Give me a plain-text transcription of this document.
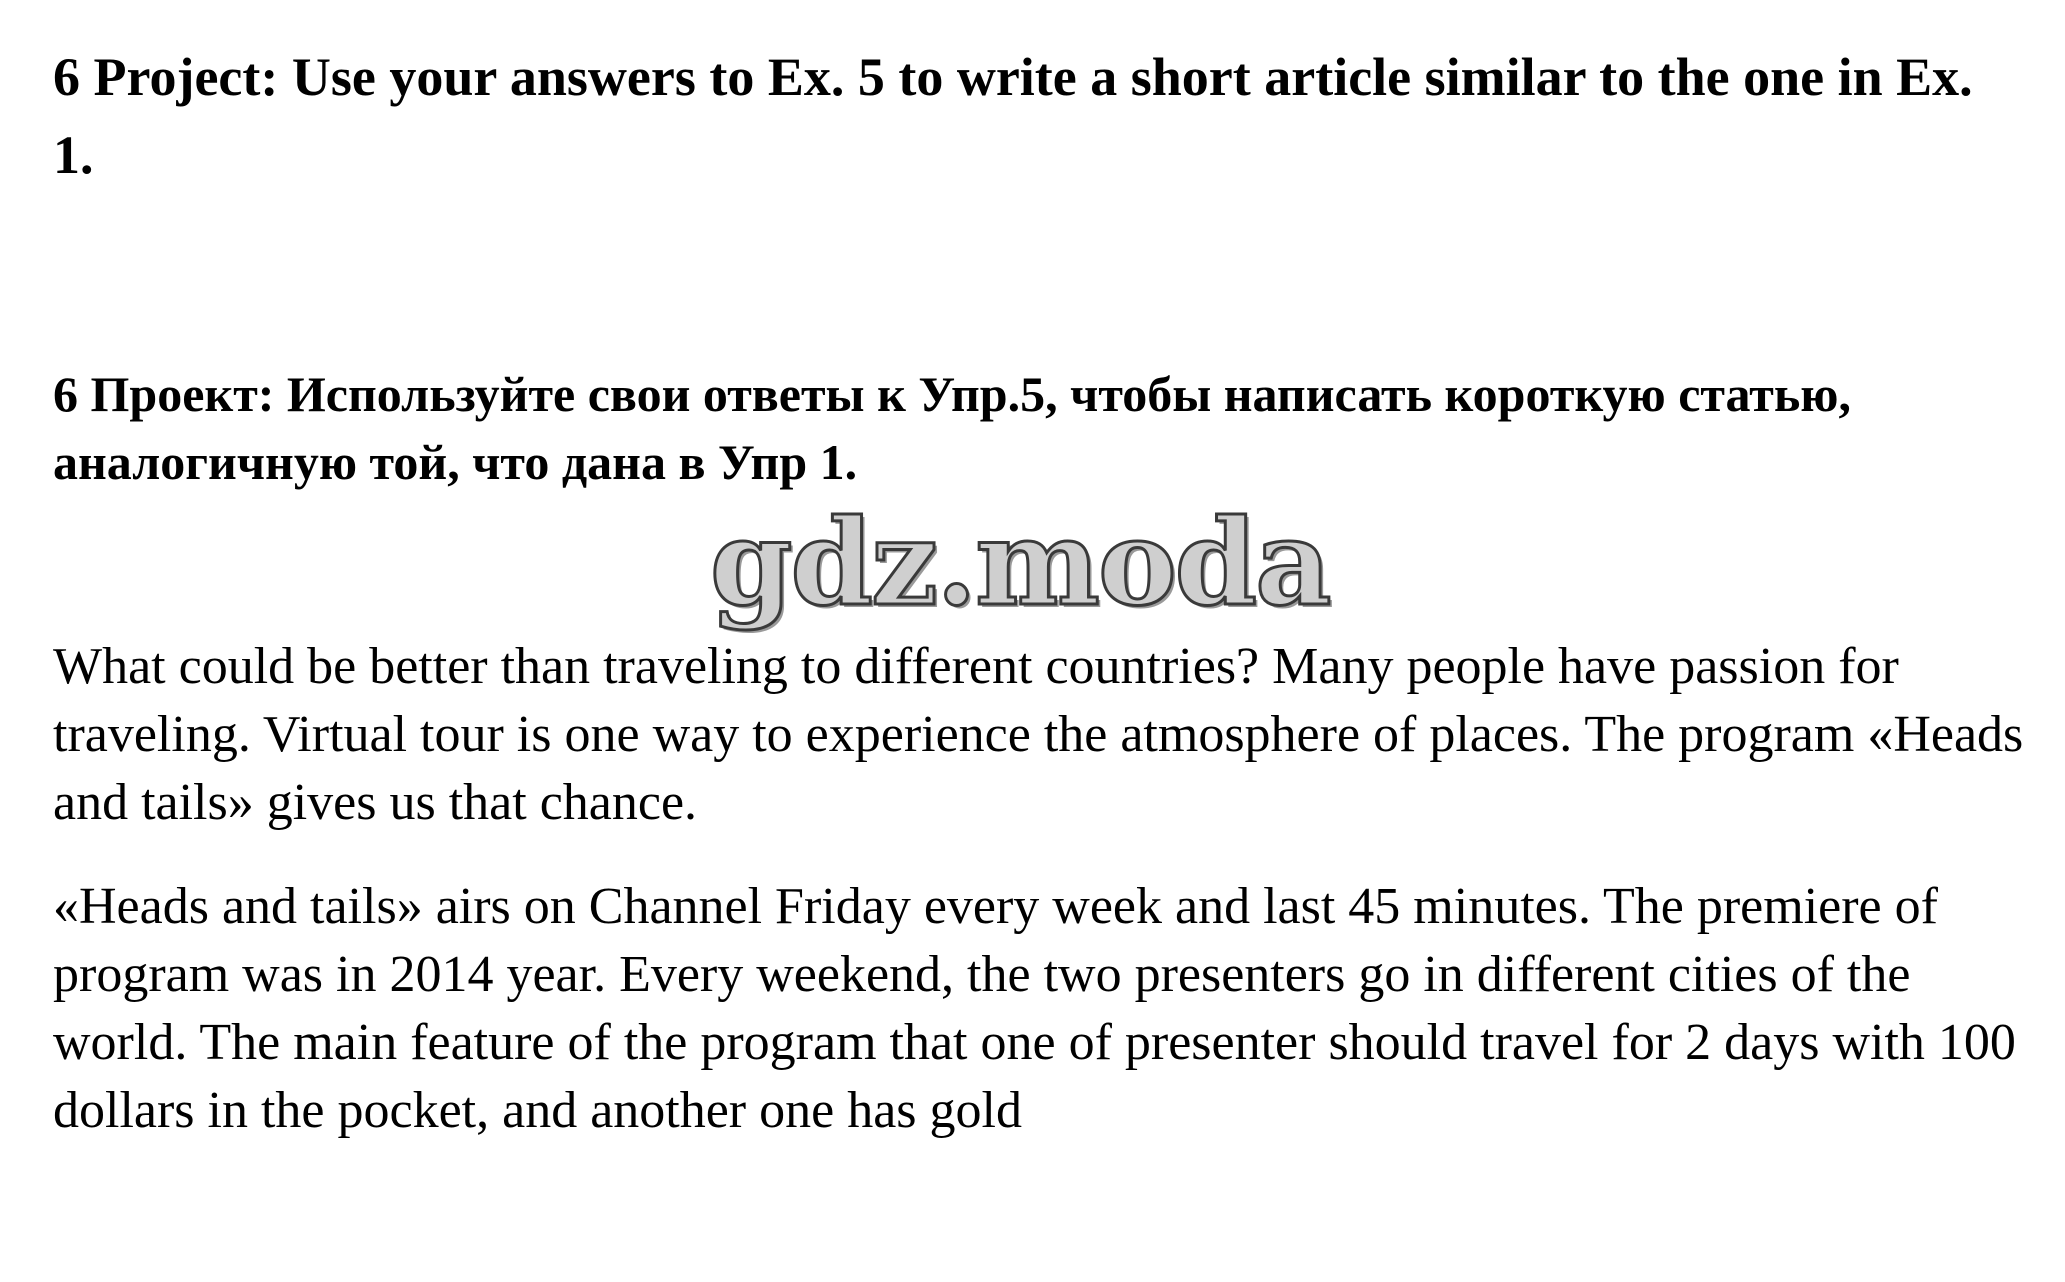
6 Project: Use your answers to Ex. 5 to write a short article similar to the one in Ex. 1.

6 Проект: Используйте свои ответы к Упр.5, чтобы написать короткую статью, аналогичную той, что дана в Упр 1.

gdz.moda

What could be better than traveling to different countries? Many people have passion for traveling. Virtual tour is one way to experience the atmosphere of places. The program «Heads and tails» gives us that chance.

«Heads and tails» airs on Channel Friday every week and last 45 minutes. The premiere of program was in 2014 year. Every weekend, the two presenters go in different cities of the world. The main feature of the program that one of presenter should travel for 2 days with 100 dollars in the pocket, and another one has gold
